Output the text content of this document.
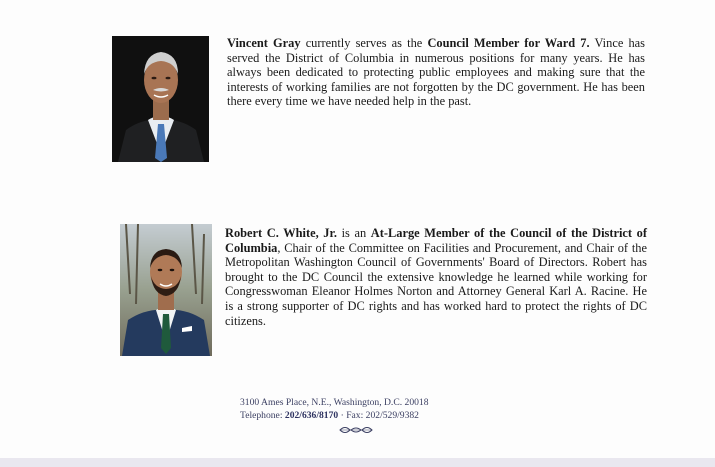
Vincent Gray currently serves as the Council Member for Ward 7. Vince has served the District of Columbia in numerous positions for many years. He has always been dedicated to protecting public employees and making sure that the interests of working families are not forgotten by the DC government. He has been there every time we have needed help in the past.
Robert C. White, Jr. is an At-Large Member of the Council of the District of Columbia, Chair of the Committee on Facilities and Procurement, and Chair of the Metropolitan Washington Council of Governments' Board of Directors. Robert has brought to the DC Council the extensive knowledge he learned while working for Congresswoman Eleanor Holmes Norton and Attorney General Karl A. Racine. He is a strong supporter of DC rights and has worked hard to protect the rights of DC citizens.
3100 Ames Place, N.E., Washington, D.C. 20018
Telephone: 202/636/8170 · Fax: 202/529/9382
